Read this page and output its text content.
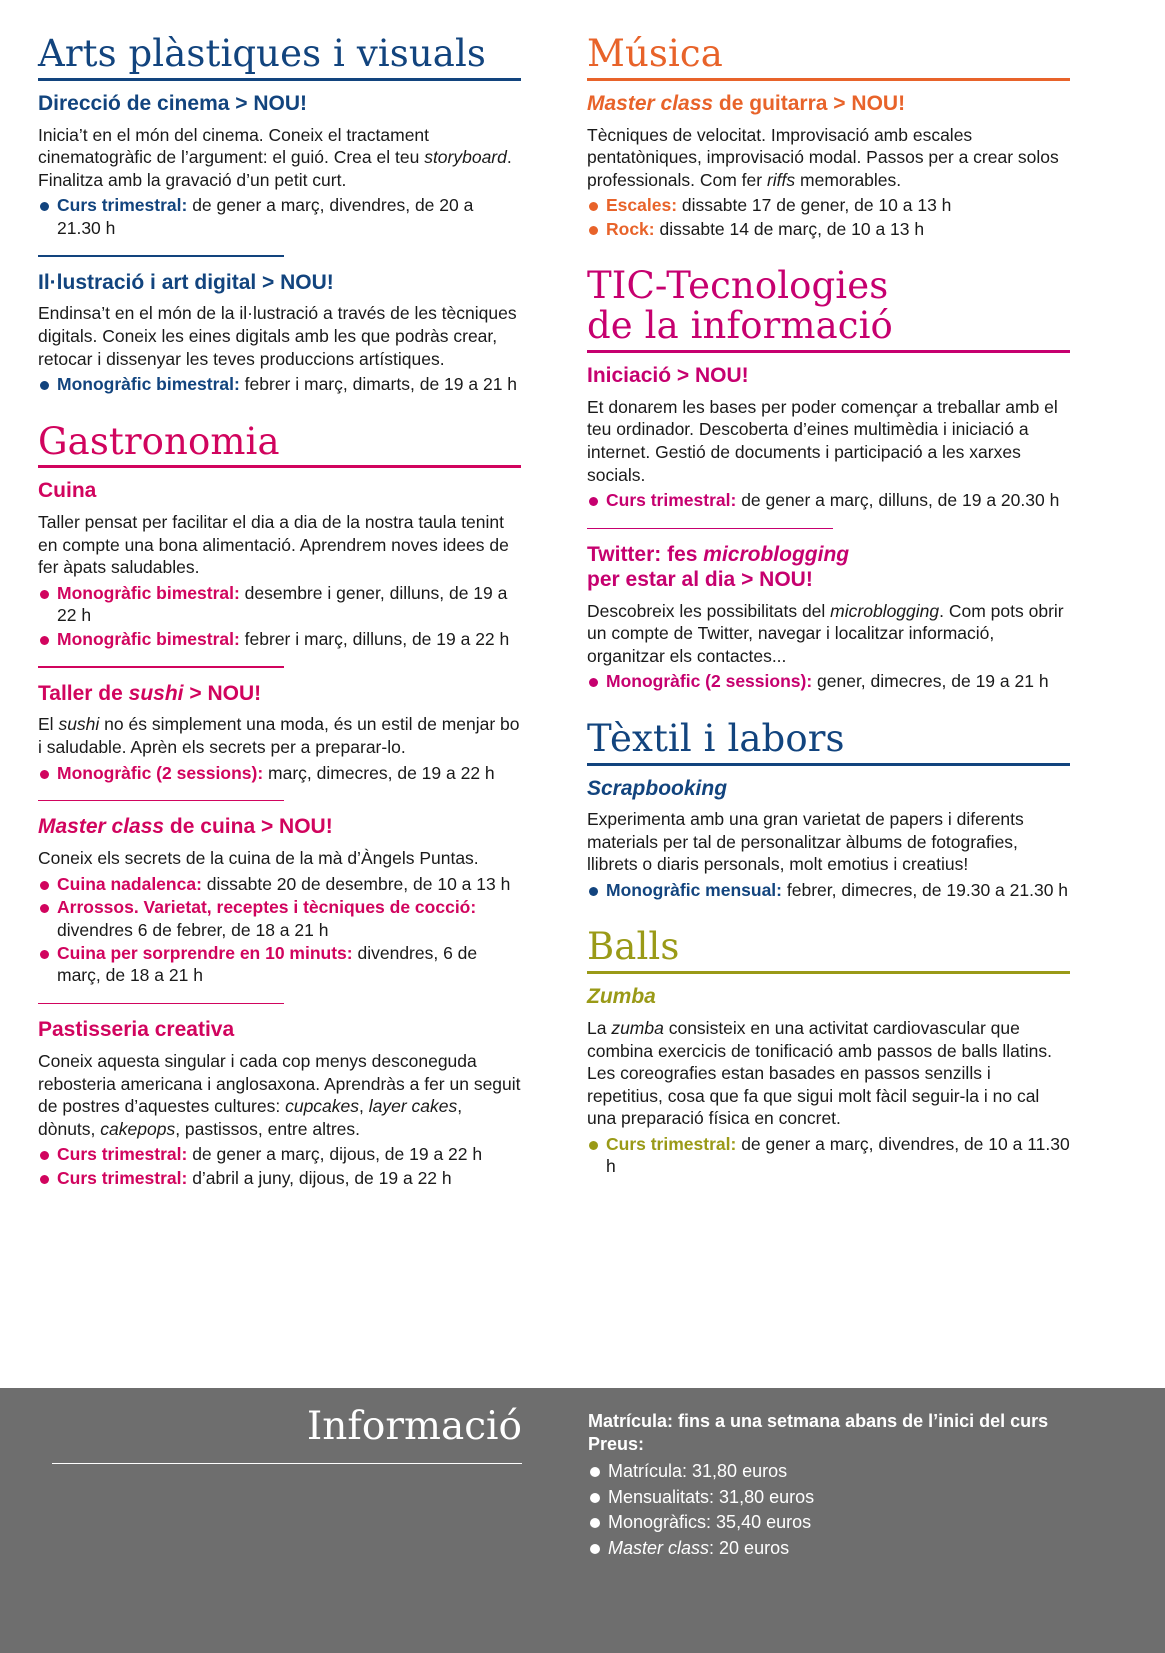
Arts plàstiques i visuals
Direcció de cinema > NOU!

Inicia’t en el món del cinema. Coneix el tractament cinematogràfic de l’argument: el guió. Crea el teu storyboard. Finalitza amb la gravació d’un petit curt.

Curs trimestral: de gener a març, divendres, de 20 a 21.30 h
Il·lustració i art digital > NOU!

Endinsa’t en el món de la il·lustració a través de les tècniques digitals. Coneix les eines digitals amb les que podràs crear, retocar i dissenyar les teves produccions artístiques.

Monogràfic bimestral: febrer i març, dimarts, de 19 a 21 h
Gastronomia
Cuina

Taller pensat per facilitar el dia a dia de la nostra taula tenint en compte una bona alimentació. Aprendrem noves idees de fer àpats saludables.

Monogràfic bimestral: desembre i gener, dilluns, de 19 a 22 h
Monogràfic bimestral: febrer i març, dilluns, de 19 a 22 h
Taller de sushi > NOU!

El sushi no és simplement una moda, és un estil de menjar bo i saludable. Aprèn els secrets per a preparar-lo.

Monogràfic (2 sessions): març, dimecres, de 19 a 22 h
Master class de cuina > NOU!

Coneix els secrets de la cuina de la mà d’Àngels Puntas.

Cuina nadalenca: dissabte 20 de desembre, de 10 a 13 h
Arrossos. Varietat, receptes i tècniques de cocció: divendres 6 de febrer, de 18 a 21 h
Cuina per sorprendre en 10 minuts: divendres, 6 de març, de 18 a 21 h
Pastisseria creativa

Coneix aquesta singular i cada cop menys desconeguda rebosteria americana i anglosaxona. Aprendràs a fer un seguit de postres d’aquestes cultures: cupcakes, layer cakes, dònuts, cakepops, pastissos, entre altres.

Curs trimestral: de gener a març, dijous, de 19 a 22 h
Curs trimestral: d’abril a juny, dijous, de 19 a 22 h
Música
Master class de guitarra > NOU!

Tècniques de velocitat. Improvisació amb escales pentatòniques, improvisació modal. Passos per a crear solos professionals. Com fer riffs memorables.

Escales: dissabte 17 de gener, de 10 a 13 h
Rock: dissabte 14 de març, de 10 a 13 h
TIC-Tecnologies
de la informació
Iniciació > NOU!

Et donarem les bases per poder començar a treballar amb el teu ordinador. Descoberta d’eines multimèdia i iniciació a internet. Gestió de documents i participació a les xarxes socials.

Curs trimestral: de gener a març, dilluns, de 19 a 20.30 h
Twitter: fes microblogging
per estar al dia > NOU!

Descobreix les possibilitats del microblogging. Com pots obrir un compte de Twitter, navegar i localitzar informació, organitzar els contactes...

Monogràfic (2 sessions): gener, dimecres, de 19 a 21 h
Tèxtil i labors
Scrapbooking

Experimenta amb una gran varietat de papers i diferents materials per tal de personalitzar àlbums de fotografies, llibrets o diaris personals, molt emotius i creatius!

Monogràfic mensual: febrer, dimecres, de 19.30 a 21.30 h
Balls
Zumba

La zumba consisteix en una activitat cardiovascular que combina exercicis de tonificació amb passos de balls llatins. Les coreografies estan basades en passos senzills i repetitius, cosa que fa que sigui molt fàcil seguir-la i no cal una preparació física en concret.

Curs trimestral: de gener a març, divendres, de 10 a 11.30 h
Informació	Matrícula: fins a una setmana abans de l’inici del curs

Preus:

Matrícula: 31,80 euros
Mensualitats: 31,80 euros
Monogràfics: 35,40 euros
Master class: 20 euros
